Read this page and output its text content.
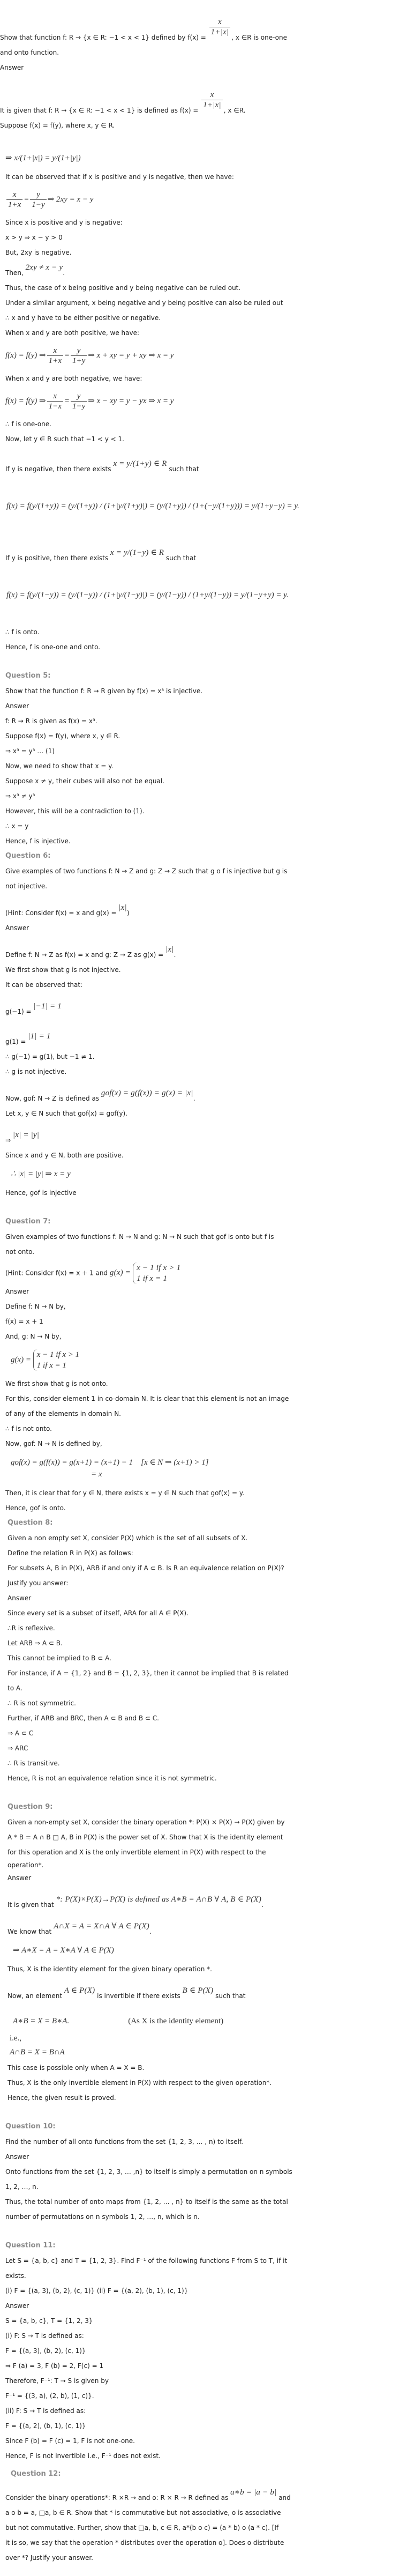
Show that function f: R → {x ∈ R: −1 < x < 1} defined by f(x) =
$\frac{x}{1+|x|}$
, x ∈R is one-one
and onto function.
Answer
It is given that f: R → {x ∈ R: −1 < x < 1} is defined as f(x) =
$\frac{x}{1+|x|}$
, x ∈R.
Suppose f(x) = f(y), where x, y ∈ R.
⇒ x/(1+|x|) = y/(1+|y|)
It can be observed that if x is positive and y is negative, then we have:
$\frac{x}{1+x} = \frac{y}{1-y}$ ⇒ 2xy = x − y
Since x is positive and y is negative:
x > y ⇒ x − y > 0
But, 2xy is negative.
Then, 2xy ≠ x − y.
Thus, the case of x being positive and y being negative can be ruled out.
Under a similar argument, x being negative and y being positive can also be ruled out
∴ x and y have to be either positive or negative.
When x and y are both positive, we have:
f(x) = f(y) ⇒ $\frac{x}{1+x} = \frac{y}{1+y}$ ⇒ x + xy = y + xy ⇒ x = y
When x and y are both negative, we have:
f(x) = f(y) ⇒ $\frac{x}{1-x} = \frac{y}{1-y}$ ⇒ x − xy = y − yx ⇒ x = y
∴ f is one-one.
Now, let y ∈ R such that −1 < y < 1.
If y is negative, then there exists x = y/(1+y) ∈ R such that
f(x) = f(y/(1+y)) = (y/(1+y)) / (1+|y/(1+y)|) = (y/(1+y)) / (1+(−y/(1+y))) = y/(1+y−y) = y.
If y is positive, then there exists x = y/(1−y) ∈ R such that
f(x) = f(y/(1−y)) = (y/(1−y)) / (1+|y/(1−y)|) = (y/(1−y)) / (1+y/(1−y)) = y/(1−y+y) = y.
∴ f is onto.
Hence, f is one-one and onto.
Question 5:
Show that the function f: R → R given by f(x) = x³ is injective.
Answer
f: R → R is given as f(x) = x³.
Suppose f(x) = f(y), where x, y ∈ R.
⇒ x³ = y³ … (1)
Now, we need to show that x = y.
Suppose x ≠ y, their cubes will also not be equal.
⇒ x³ ≠ y³
However, this will be a contradiction to (1).
∴ x = y
Hence, f is injective.
Question 6:
Give examples of two functions f: N → Z and g: Z → Z such that g o f is injective but g is
not injective.
(Hint: Consider f(x) = x and g(x) = |x|)
Answer
Define f: N → Z as f(x) = x and g: Z → Z as g(x) = |x|.
We first show that g is not injective.
It can be observed that:
g(−1) = |−1| = 1
g(1) = |1| = 1
∴ g(−1) = g(1), but −1 ≠ 1.
∴ g is not injective.
Now, gof: N → Z is defined as gof(x) = g(f(x)) = g(x) = |x|.
Let x, y ∈ N such that gof(x) = gof(y).
⇒ |x| = |y|
Since x and y ∈ N, both are positive.
∴ |x| = |y| ⇒ x = y
Hence, gof is injective
Question 7:
Given examples of two functions f: N → N and g: N → N such that gof is onto but f is
not onto.
(Hint: Consider f(x) = x + 1 and g(x) = x − 1 if x > 1
1 if x = 1
Answer
Define f: N → N by,
f(x) = x + 1
And, g: N → N by,
g(x) = x − 1 if x > 1
1 if x = 1
We first show that g is not onto.
For this, consider element 1 in co-domain N. It is clear that this element is not an image
of any of the elements in domain N.
∴ f is not onto.
Now, gof: N → N is defined by,
gof(x) = g(f(x)) = g(x+1) = (x+1) − 1 [x ∈ N ⇒ (x+1) > 1]
= x
Then, it is clear that for y ∈ N, there exists x = y ∈ N such that gof(x) = y.
Hence, gof is onto.
Question 8:
Given a non empty set X, consider P(X) which is the set of all subsets of X.
Define the relation R in P(X) as follows:
For subsets A, B in P(X), ARB if and only if A ⊂ B. Is R an equivalence relation on P(X)?
Justify you answer:
Answer
Since every set is a subset of itself, ARA for all A ∈ P(X).
∴R is reflexive.
Let ARB ⇒ A ⊂ B.
This cannot be implied to B ⊂ A.
For instance, if A = {1, 2} and B = {1, 2, 3}, then it cannot be implied that B is related
to A.
∴ R is not symmetric.
Further, if ARB and BRC, then A ⊂ B and B ⊂ C.
⇒ A ⊂ C
⇒ ARC
∴ R is transitive.
Hence, R is not an equivalence relation since it is not symmetric.
Question 9:
Given a non-empty set X, consider the binary operation *: P(X) × P(X) → P(X) given by
A * B = A ∩ B □ A, B in P(X) is the power set of X. Show that X is the identity element
for this operation and X is the only invertible element in P(X) with respect to the
operation*.
Answer
It is given that *: P(X)×P(X)→P(X) is defined as A∗B = A∩B ∀ A, B ∈ P(X).
We know that A∩X = A = X∩A ∀ A ∈ P(X).
⇒ A∗X = A = X∗A ∀ A ∈ P(X)
Thus, X is the identity element for the given binary operation *.
Now, an element A ∈ P(X) is invertible if there exists B ∈ P(X) such that
A∗B = X = B∗A.	(As X is the identity element)
i.e.,
A∩B = X = B∩A
This case is possible only when A = X = B.
Thus, X is the only invertible element in P(X) with respect to the given operation*.
Hence, the given result is proved.
Question 10:
Find the number of all onto functions from the set {1, 2, 3, … , n) to itself.
Answer
Onto functions from the set {1, 2, 3, … ,n} to itself is simply a permutation on n symbols
1, 2, …, n.
Thus, the total number of onto maps from {1, 2, … , n} to itself is the same as the total
number of permutations on n symbols 1, 2, …, n, which is n.
Question 11:
Let S = {a, b, c} and T = {1, 2, 3}. Find F⁻¹ of the following functions F from S to T, if it
exists.
(i) F = {(a, 3), (b, 2), (c, 1)} (ii) F = {(a, 2), (b, 1), (c, 1)}
Answer
S = {a, b, c}, T = {1, 2, 3}
(i) F: S → T is defined as:
F = {(a, 3), (b, 2), (c, 1)}
⇒ F (a) = 3, F (b) = 2, F(c) = 1
Therefore, F⁻¹: T → S is given by
F⁻¹ = {(3, a), (2, b), (1, c)}.
(ii) F: S → T is defined as:
F = {(a, 2), (b, 1), (c, 1)}
Since F (b) = F (c) = 1, F is not one-one.
Hence, F is not invertible i.e., F⁻¹ does not exist.
Question 12:
Consider the binary operations*: R ×R → and o: R × R → R defined as a∗b = |a − b| and
a o b = a, □a, b ∈ R. Show that * is commutative but not associative, o is associative
but not commutative. Further, show that □a, b, c ∈ R, a*(b o c) = (a * b) o (a * c). [If
it is so, we say that the operation * distributes over the operation o]. Does o distribute
over *? Justify your answer.
